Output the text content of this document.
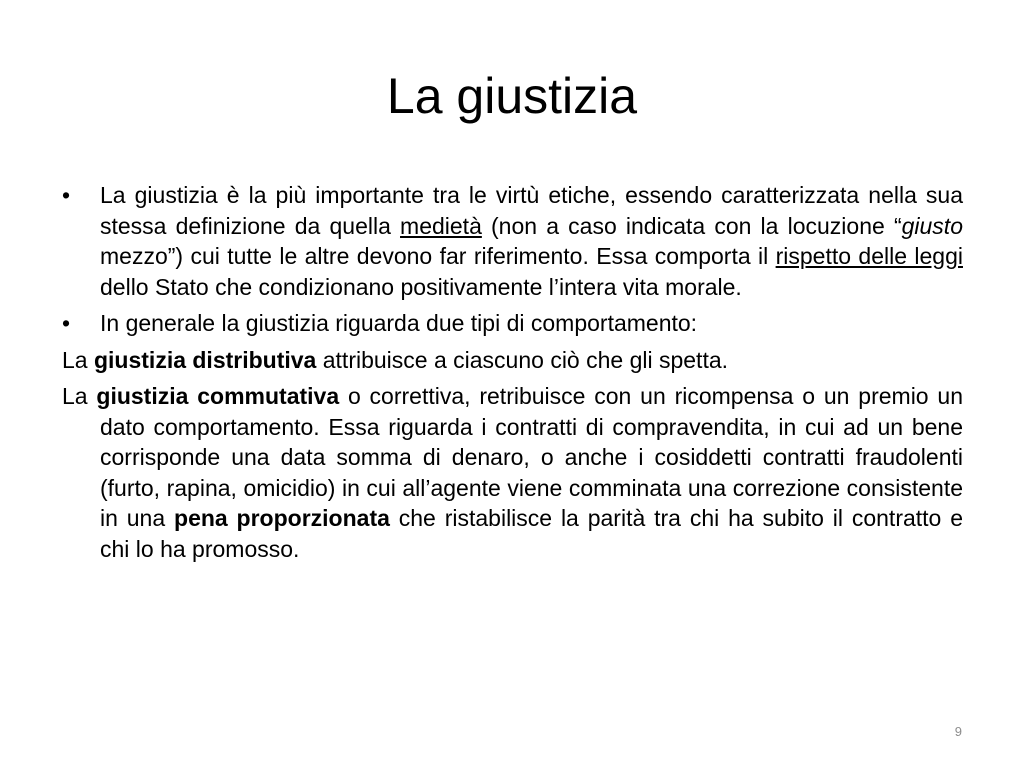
La giustizia

• La giustizia è la più importante tra le virtù etiche, essendo caratterizzata nella sua stessa definizione da quella medietà (non a caso indicata con la locuzione “giusto mezzo”) cui tutte le altre devono far riferimento. Essa comporta il rispetto delle leggi dello Stato che condizionano positivamente l’intera vita morale.

• In generale la giustizia riguarda due tipi di comportamento:

La giustizia distributiva attribuisce a ciascuno ciò che gli spetta.

La giustizia commutativa o correttiva, retribuisce con un ricompensa o un premio un dato comportamento. Essa riguarda i contratti di compravendita, in cui ad un bene corrisponde una data somma di denaro, o anche i cosiddetti contratti fraudolenti (furto, rapina, omicidio) in cui all’agente viene comminata una correzione consistente in una pena proporzionata che ristabilisce la parità tra chi ha subito il contratto e chi lo ha promosso.

9
